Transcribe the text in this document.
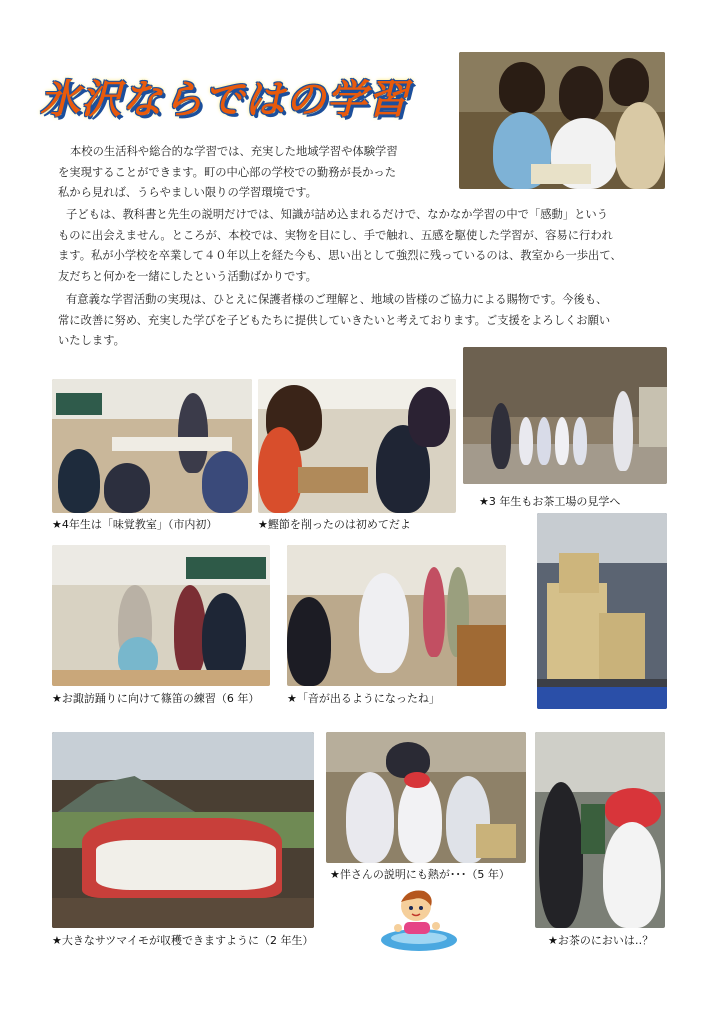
氷沢ならではの学習
本校の生活科や総合的な学習では、充実した地域学習や体験学習
を実現することができます。町の中心部の学校での勤務が長かった
私から見れば、うらやましい限りの学習環境です。
子どもは、教科書と先生の説明だけでは、知識が詰め込まれるだけで、なかなか学習の中で「感動」という
ものに出会えません。ところが、本校では、実物を目にし、手で触れ、五感を駆使した学習が、容易に行われ
ます。私が小学校を卒業して４０年以上を経た今も、思い出として強烈に残っているのは、教室から一歩出て、
友だちと何かを一緒にしたという活動ばかりです。
有意義な学習活動の実現は、ひとえに保護者様のご理解と、地域の皆様のご協力による賜物です。今後も、
常に改善に努め、充実した学びを子どもたちに提供していきたいと考えております。ご支援をよろしくお願い
いたします。
★4年生は「味覚教室」（市内初）	★鰹節を削ったのは初めてだよ
★3 年生もお茶工場の見学へ
★お諏訪踊りに向けて篠笛の練習（6 年）	★「音が出るようになったね」
★伴さんの説明にも熱が･･･（5 年）
★大きなサツマイモが収穫できますように（2 年生）	★お茶のにおいは‥？
